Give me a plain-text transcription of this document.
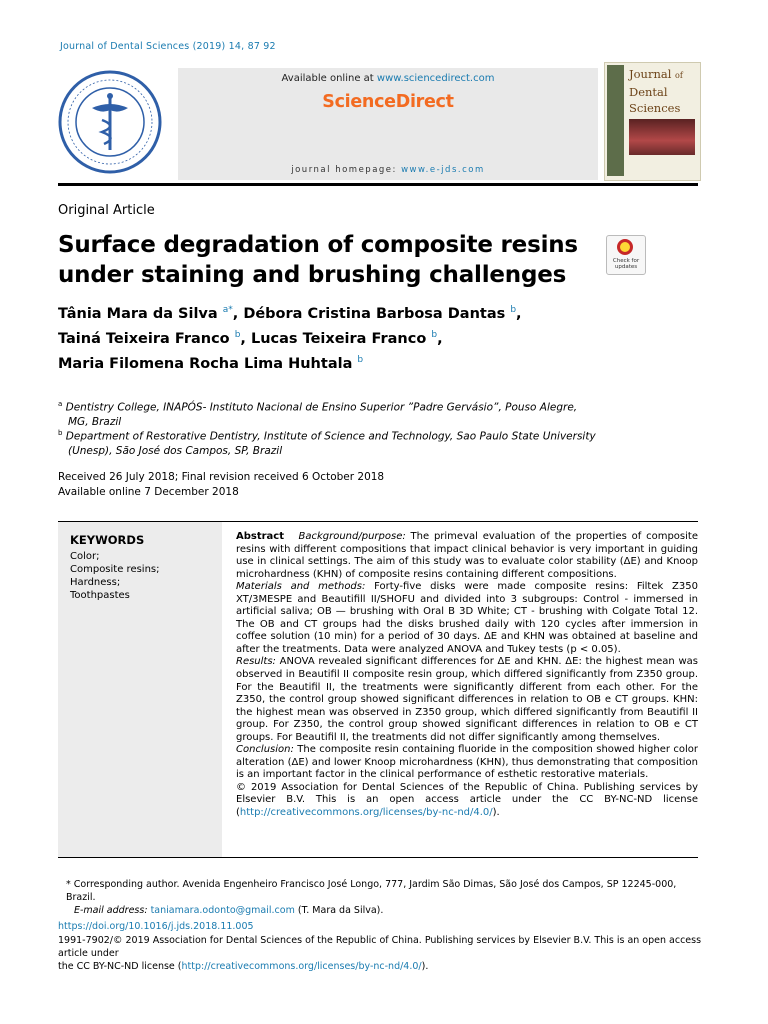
Journal of Dental Sciences (2019) 14, 87 92
Available online at www.sciencedirect.com
ScienceDirect
journal homepage: www.e-jds.com
Journal of
Dental
Sciences
Original Article
Surface degradation of composite resins
under staining and brushing challenges
Check for updates
Tânia Mara da Silva $^{a*}$, Débora Cristina Barbosa Dantas $^b$,
Tainá Teixeira Franco $^b$, Lucas Teixeira Franco $^b$,
Maria Filomena Rocha Lima Huhtala $^b$
$^a$ Dentistry College, INAPÓS- Instituto Nacional de Ensino Superior ”Padre Gervásio”, Pouso Alegre,
MG, Brazil
$^b$ Department of Restorative Dentistry, Institute of Science and Technology, Sao Paulo State University
(Unesp), São José dos Campos, SP, Brazil
Received 26 July 2018; Final revision received 6 October 2018
Available online 7 December 2018
KEYWORDS
Color;
Composite resins;
Hardness;
Toothpastes
Abstract Background/purpose: The primeval evaluation of the properties of composite resins with different compositions that impact clinical behavior is very important in guiding use in clinical settings. The aim of this study was to evaluate color stability (ΔE) and Knoop microhardness (KHN) of composite resins containing different compositions.
Materials and methods: Forty-five disks were made composite resins: Filtek Z350 XT/3MESPE and Beautifill II/SHOFU and divided into 3 subgroups: Control - immersed in artificial saliva; OB — brushing with Oral B 3D White; CT - brushing with Colgate Total 12. The OB and CT groups had the disks brushed daily with 120 cycles after immersion in coffee solution (10 min) for a period of 30 days. ΔE and KHN was obtained at baseline and after the treatments. Data were analyzed ANOVA and Tukey tests (p < 0.05).
Results: ANOVA revealed significant differences for ΔE and KHN. ΔE: the highest mean was observed in Beautifil II composite resin group, which differed significantly from Z350 group. For the Beautifil II, the treatments were significantly different from each other. For the Z350, the control group showed significant differences in relation to OB e CT groups. KHN: the highest mean was observed in Z350 group, which differed significantly from Beautifil II group. For Z350, the control group showed significant differences in relation to OB e CT groups. For Beautifil II, the treatments did not differ significantly among themselves.
Conclusion: The composite resin containing fluoride in the composition showed higher color alteration (ΔE) and lower Knoop microhardness (KHN), thus demonstrating that composition is an important factor in the clinical performance of esthetic restorative materials.
© 2019 Association for Dental Sciences of the Republic of China. Publishing services by Elsevier B.V. This is an open access article under the CC BY-NC-ND license (http://creativecommons.org/licenses/by-nc-nd/4.0/).
* Corresponding author. Avenida Engenheiro Francisco José Longo, 777, Jardim São Dimas, São José dos Campos, SP 12245-000, Brazil.
E-mail address: taniamara.odonto@gmail.com (T. Mara da Silva).
https://doi.org/10.1016/j.jds.2018.11.005
1991-7902/© 2019 Association for Dental Sciences of the Republic of China. Publishing services by Elsevier B.V. This is an open access article under
the CC BY-NC-ND license (http://creativecommons.org/licenses/by-nc-nd/4.0/).
